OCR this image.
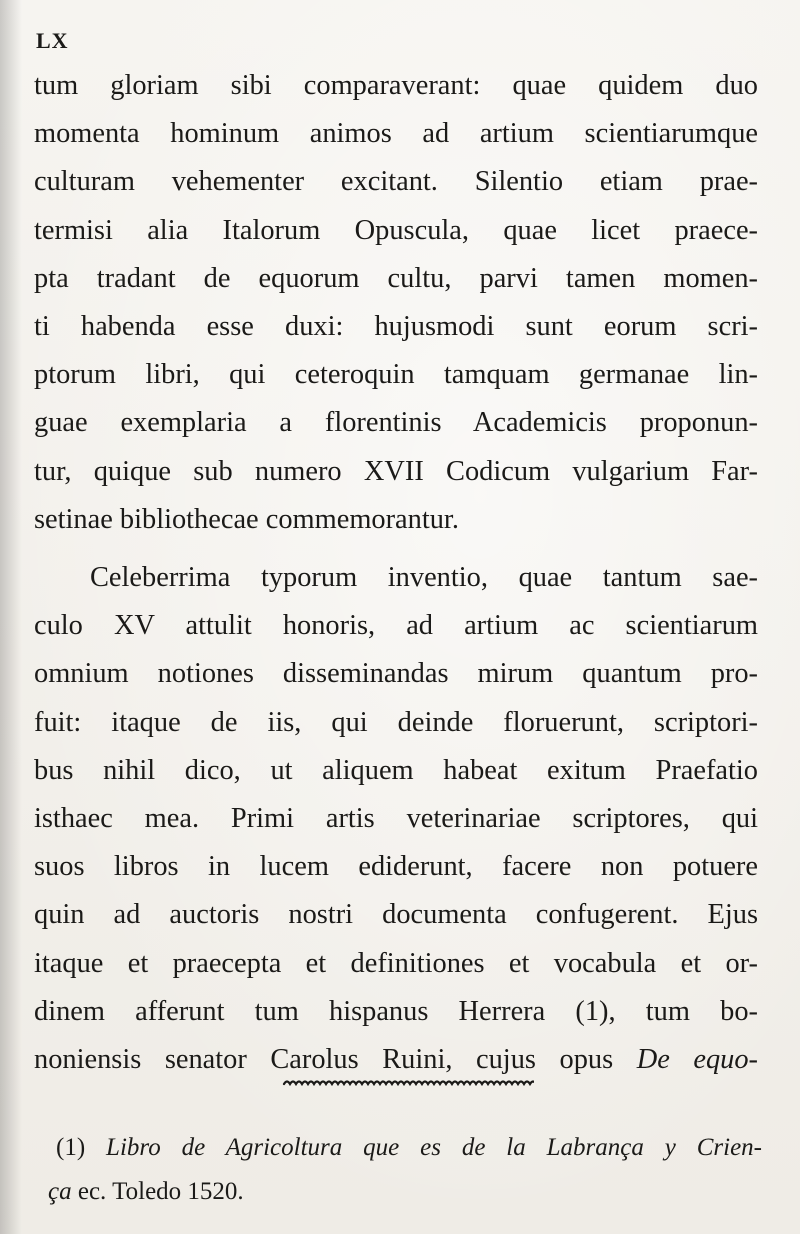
LX
tum gloriam sibi comparaverant: quae quidem duo
momenta hominum animos ad artium scientiarumque
culturam vehementer excitant. Silentio etiam prae-
termisi alia Italorum Opuscula, quae licet praece-
pta tradant de equorum cultu, parvi tamen momen-
ti habenda esse duxi: hujusmodi sunt eorum scri-
ptorum libri, qui ceteroquin tamquam germanae lin-
guae exemplaria a florentinis Academicis proponun-
tur, quique sub numero XVII Codicum vulgarium Far-
setinae bibliothecae commemorantur.
Celeberrima typorum inventio, quae tantum sae-
culo XV attulit honoris, ad artium ac scientiarum
omnium notiones disseminandas mirum quantum pro-
fuit: itaque de iis, qui deinde floruerunt, scriptori-
bus nihil dico, ut aliquem habeat exitum Praefatio
isthaec mea. Primi artis veterinariae scriptores, qui
suos libros in lucem ediderunt, facere non potuere
quin ad auctoris nostri documenta confugerent. Ejus
itaque et praecepta et definitiones et vocabula et or-
dinem afferunt tum hispanus Herrera (1), tum bo-
noniensis senator Carolus Ruini, cujus opus De equo-
(1) Libro de Agricoltura que es de la Labrança y Crien-
ça ec. Toledo 1520.
